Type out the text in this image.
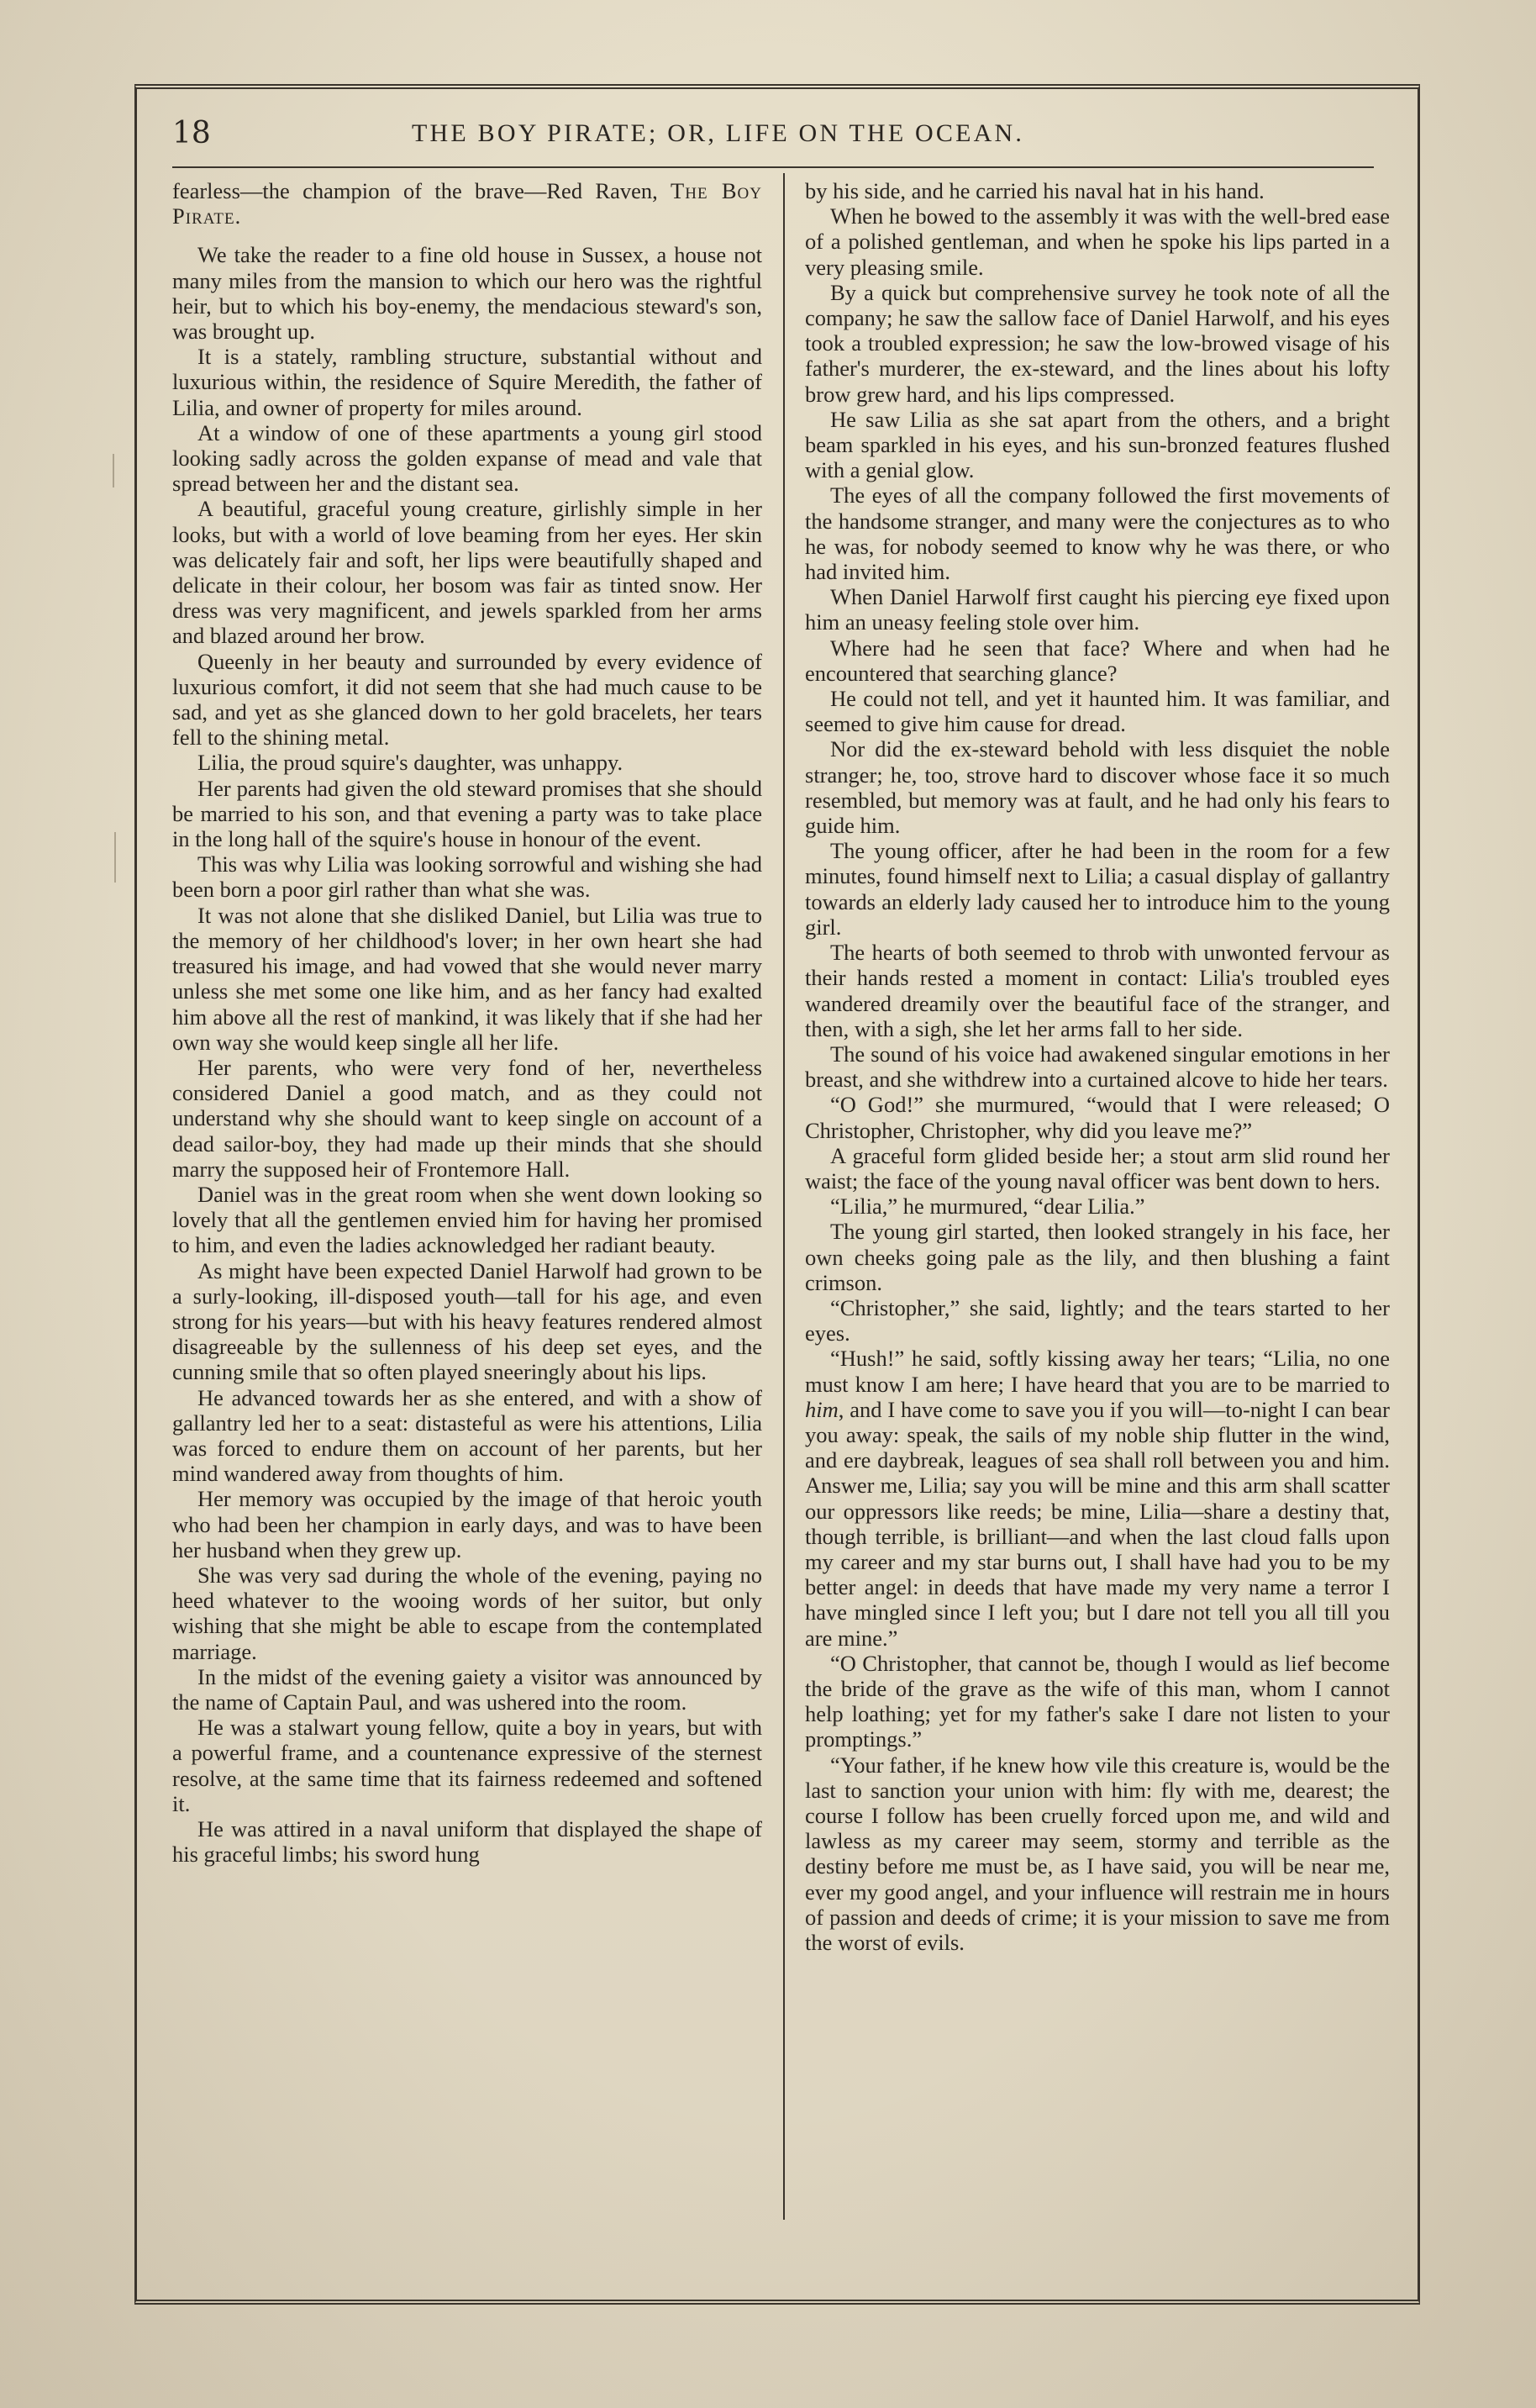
18	THE BOY PIRATE; OR, LIFE ON THE OCEAN.

fearless—the champion of the brave—Red Raven, The Boy Pirate.

We take the reader to a fine old house in Sussex, a house not many miles from the mansion to which our hero was the rightful heir, but to which his boy-enemy, the mendacious steward's son, was brought up.

It is a stately, rambling structure, substantial without and luxurious within, the residence of Squire Meredith, the father of Lilia, and owner of property for miles around.

At a window of one of these apartments a young girl stood looking sadly across the golden expanse of mead and vale that spread between her and the distant sea.

A beautiful, graceful young creature, girlishly simple in her looks, but with a world of love beaming from her eyes. Her skin was delicately fair and soft, her lips were beautifully shaped and delicate in their colour, her bosom was fair as tinted snow. Her dress was very magnificent, and jewels sparkled from her arms and blazed around her brow.

Queenly in her beauty and surrounded by every evidence of luxurious comfort, it did not seem that she had much cause to be sad, and yet as she glanced down to her gold bracelets, her tears fell to the shining metal.

Lilia, the proud squire's daughter, was unhappy.

Her parents had given the old steward promises that she should be married to his son, and that evening a party was to take place in the long hall of the squire's house in honour of the event.

This was why Lilia was looking sorrowful and wishing she had been born a poor girl rather than what she was.

It was not alone that she disliked Daniel, but Lilia was true to the memory of her childhood's lover; in her own heart she had treasured his image, and had vowed that she would never marry unless she met some one like him, and as her fancy had exalted him above all the rest of mankind, it was likely that if she had her own way she would keep single all her life.

Her parents, who were very fond of her, nevertheless considered Daniel a good match, and as they could not understand why she should want to keep single on account of a dead sailor-boy, they had made up their minds that she should marry the supposed heir of Frontemore Hall.

Daniel was in the great room when she went down looking so lovely that all the gentlemen envied him for having her promised to him, and even the ladies acknowledged her radiant beauty.

As might have been expected Daniel Harwolf had grown to be a surly-looking, ill-disposed youth—tall for his age, and even strong for his years—but with his heavy features rendered almost disagreeable by the sullenness of his deep set eyes, and the cunning smile that so often played sneeringly about his lips.

He advanced towards her as she entered, and with a show of gallantry led her to a seat: distasteful as were his attentions, Lilia was forced to endure them on account of her parents, but her mind wandered away from thoughts of him.

Her memory was occupied by the image of that heroic youth who had been her champion in early days, and was to have been her husband when they grew up.

She was very sad during the whole of the evening, paying no heed whatever to the wooing words of her suitor, but only wishing that she might be able to escape from the contemplated marriage.

In the midst of the evening gaiety a visitor was announced by the name of Captain Paul, and was ushered into the room.

He was a stalwart young fellow, quite a boy in years, but with a powerful frame, and a countenance expressive of the sternest resolve, at the same time that its fairness redeemed and softened it.

He was attired in a naval uniform that displayed the shape of his graceful limbs; his sword hung

by his side, and he carried his naval hat in his hand.

When he bowed to the assembly it was with the well-bred ease of a polished gentleman, and when he spoke his lips parted in a very pleasing smile.

By a quick but comprehensive survey he took note of all the company; he saw the sallow face of Daniel Harwolf, and his eyes took a troubled expression; he saw the low-browed visage of his father's murderer, the ex-steward, and the lines about his lofty brow grew hard, and his lips compressed.

He saw Lilia as she sat apart from the others, and a bright beam sparkled in his eyes, and his sun-bronzed features flushed with a genial glow.

The eyes of all the company followed the first movements of the handsome stranger, and many were the conjectures as to who he was, for nobody seemed to know why he was there, or who had invited him.

When Daniel Harwolf first caught his piercing eye fixed upon him an uneasy feeling stole over him.

Where had he seen that face? Where and when had he encountered that searching glance?

He could not tell, and yet it haunted him. It was familiar, and seemed to give him cause for dread.

Nor did the ex-steward behold with less disquiet the noble stranger; he, too, strove hard to discover whose face it so much resembled, but memory was at fault, and he had only his fears to guide him.

The young officer, after he had been in the room for a few minutes, found himself next to Lilia; a casual display of gallantry towards an elderly lady caused her to introduce him to the young girl.

The hearts of both seemed to throb with unwonted fervour as their hands rested a moment in contact: Lilia's troubled eyes wandered dreamily over the beautiful face of the stranger, and then, with a sigh, she let her arms fall to her side.

The sound of his voice had awakened singular emotions in her breast, and she withdrew into a curtained alcove to hide her tears.

“O God!” she murmured, “would that I were released; O Christopher, Christopher, why did you leave me?”

A graceful form glided beside her; a stout arm slid round her waist; the face of the young naval officer was bent down to hers.

“Lilia,” he murmured, “dear Lilia.”

The young girl started, then looked strangely in his face, her own cheeks going pale as the lily, and then blushing a faint crimson.

“Christopher,” she said, lightly; and the tears started to her eyes.

“Hush!” he said, softly kissing away her tears; “Lilia, no one must know I am here; I have heard that you are to be married to him, and I have come to save you if you will—to-night I can bear you away: speak, the sails of my noble ship flutter in the wind, and ere daybreak, leagues of sea shall roll between you and him. Answer me, Lilia; say you will be mine and this arm shall scatter our oppressors like reeds; be mine, Lilia—share a destiny that, though terrible, is brilliant—and when the last cloud falls upon my career and my star burns out, I shall have had you to be my better angel: in deeds that have made my very name a terror I have mingled since I left you; but I dare not tell you all till you are mine.”

“O Christopher, that cannot be, though I would as lief become the bride of the grave as the wife of this man, whom I cannot help loathing; yet for my father's sake I dare not listen to your promptings.”

“Your father, if he knew how vile this creature is, would be the last to sanction your union with him: fly with me, dearest; the course I follow has been cruelly forced upon me, and wild and lawless as my career may seem, stormy and terrible as the destiny before me must be, as I have said, you will be near me, ever my good angel, and your influence will restrain me in hours of passion and deeds of crime; it is your mission to save me from the worst of evils.
